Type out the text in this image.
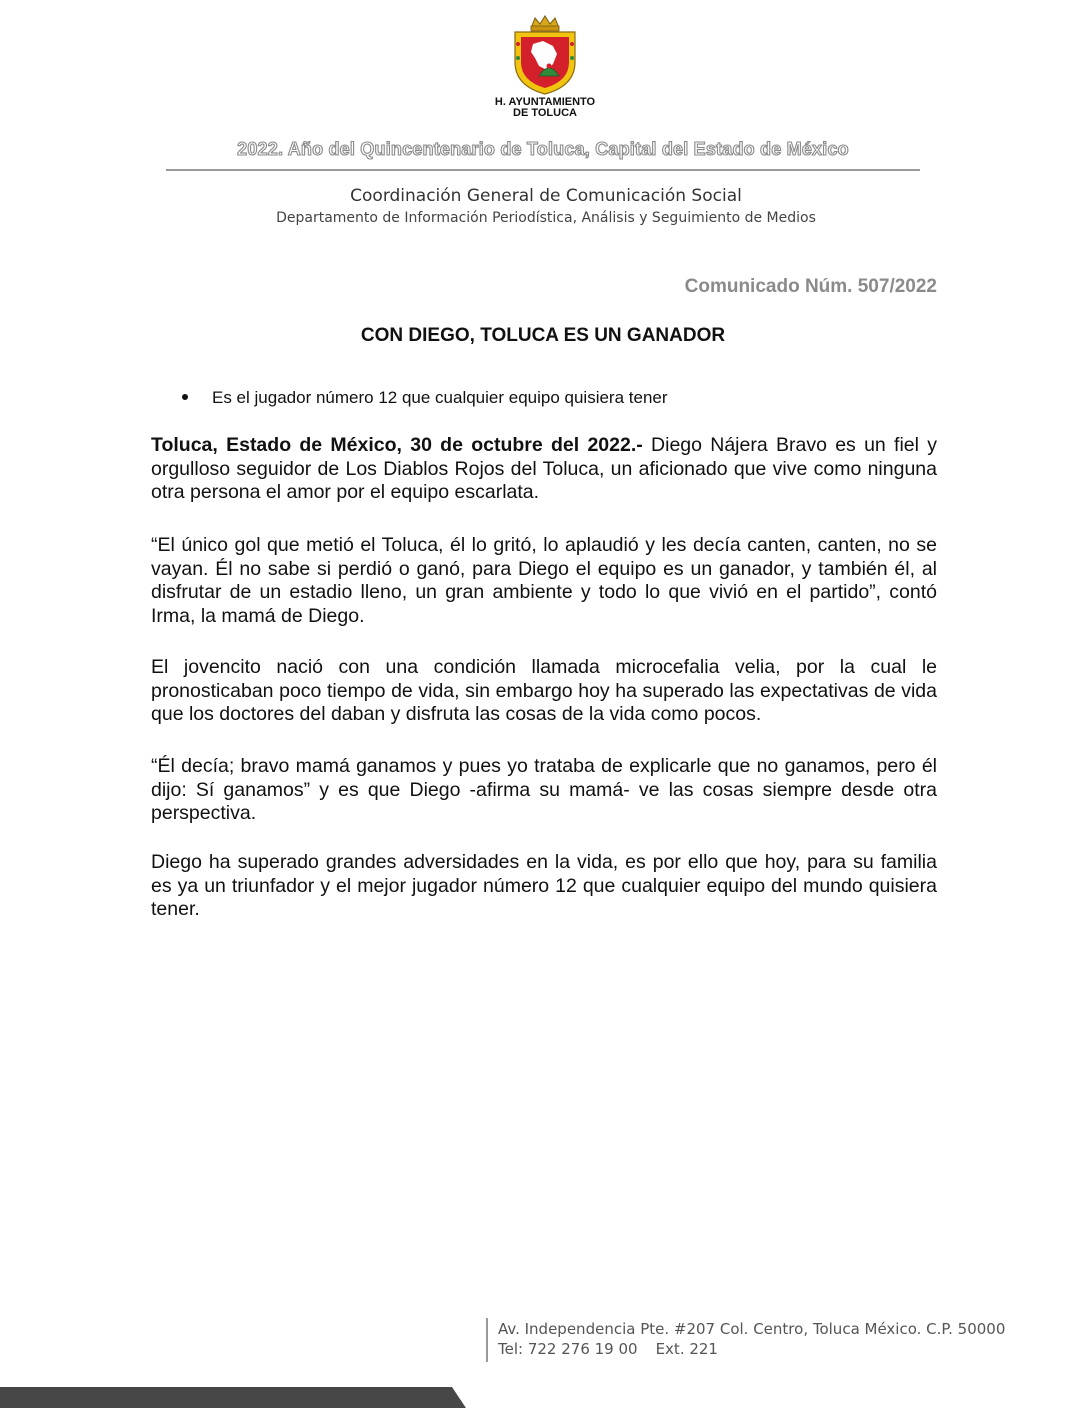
H. AYUNTAMIENTO
DE TOLUCA
2022. Año del Quincentenario de Toluca, Capital del Estado de México
Coordinación General de Comunicación Social
Departamento de Información Periodística, Análisis y Seguimiento de Medios
Comunicado Núm. 507/2022
CON DIEGO, TOLUCA ES UN GANADOR
Es el jugador número 12 que cualquier equipo quisiera tener

Toluca, Estado de México, 30 de octubre del 2022.- Diego Nájera Bravo es un fiel y orgulloso seguidor de Los Diablos Rojos del Toluca, un aficionado que vive como ninguna otra persona el amor por el equipo escarlata.

“El único gol que metió el Toluca, él lo gritó, lo aplaudió y les decía canten, canten, no se vayan. Él no sabe si perdió o ganó, para Diego el equipo es un ganador, y también él, al disfrutar de un estadio lleno, un gran ambiente y todo lo que vivió en el partido”, contó Irma, la mamá de Diego.

El jovencito nació con una condición llamada microcefalia velia, por la cual le pronosticaban poco tiempo de vida, sin embargo hoy ha superado las expectativas de vida que los doctores del daban y disfruta las cosas de la vida como pocos.

“Él decía; bravo mamá ganamos y pues yo trataba de explicarle que no ganamos, pero él dijo: Sí ganamos” y es que Diego -afirma su mamá- ve las cosas siempre desde otra perspectiva.

Diego ha superado grandes adversidades en la vida, es por ello que hoy, para su familia es ya un triunfador y el mejor jugador número 12 que cualquier equipo del mundo quisiera tener.

Av. Independencia Pte. #207 Col. Centro, Toluca México. C.P. 50000
Tel: 722 276 19 00 Ext. 221
